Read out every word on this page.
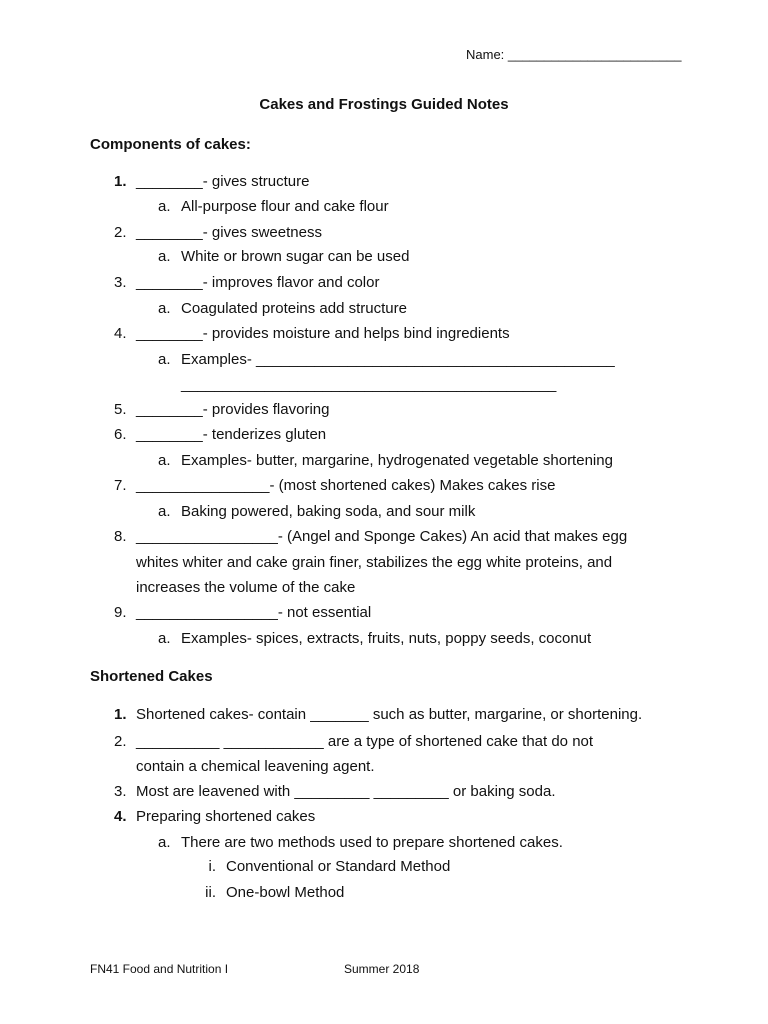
Name: ________________________
Cakes and Frostings Guided Notes
Components of cakes:
1. ________- gives structure
a. All-purpose flour and cake flour
2. ________- gives sweetness
a. White or brown sugar can be used
3. ________- improves flavor and color
a. Coagulated proteins add structure
4. ________- provides moisture and helps bind ingredients
a. Examples- ___________________________________________
_____________________________________________
5. ________- provides flavoring
6. ________- tenderizes gluten
a. Examples- butter, margarine, hydrogenated vegetable shortening
7. ________________- (most shortened cakes) Makes cakes rise
a. Baking powered, baking soda, and sour milk
8. _________________- (Angel and Sponge Cakes) An acid that makes egg
whites whiter and cake grain finer, stabilizes the egg white proteins, and
increases the volume of the cake
9. _________________- not essential
a. Examples- spices, extracts, fruits, nuts, poppy seeds, coconut
Shortened Cakes
1. Shortened cakes- contain _______ such as butter, margarine, or shortening.
2. __________ ____________ are a type of shortened cake that do not
contain a chemical leavening agent.
3. Most are leavened with _________ _________ or baking soda.
4. Preparing shortened cakes
a. There are two methods used to prepare shortened cakes.
i. Conventional or Standard Method
ii. One-bowl Method
FN41 Food and Nutrition I	Summer 2018
